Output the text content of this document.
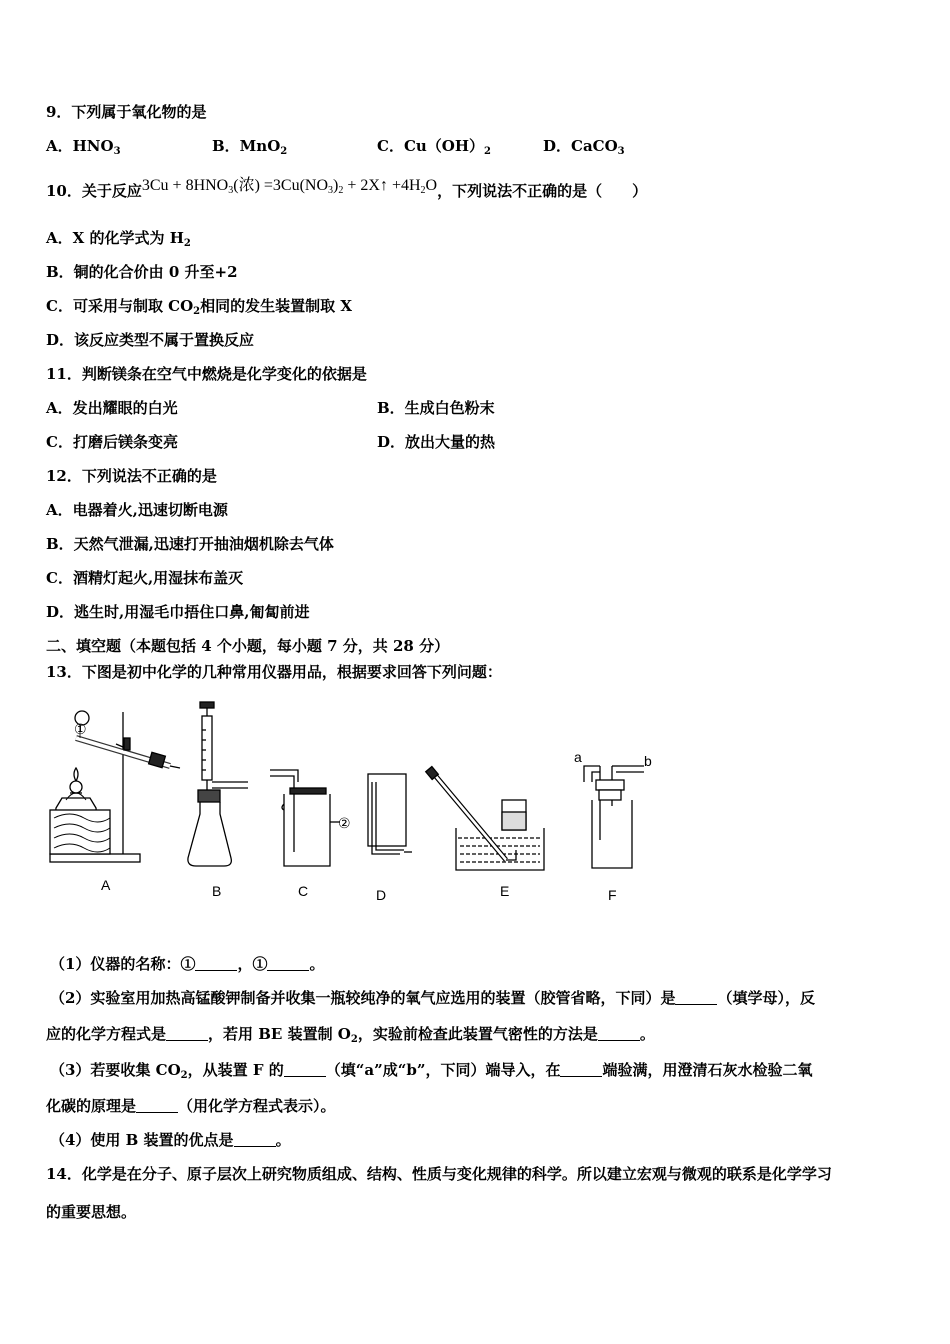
9．下列属于氧化物的是
A．$HNO_3$	B．MnO$_2$	C．$Cu(OH)_2$	D．CaCO$_3$
10．关于反应$3Cu + 8HNO_3$(浓) $=3Cu(NO_3)_2$ + 2X↑ $+4H_2O$，下列说法不正确的是（　　）
A．X 的化学式为 $H_2$
B．铜的化合价由 0 升至+2
C．可采用与制取 $CO_2$相同的发生装置制取 X
D．该反应类型不属于置换反应
11．判断镁条在空气中燃烧是化学变化的依据是
A．发出耀眼的白光	B．生成白色粉末
C．打磨后镁条变亮	D．放出大量的热
12．下列说法不正确的是
A．电器着火,迅速切断电源
B．天然气泄漏,迅速打开抽油烟机除去气体
C．酒精灯起火,用湿抹布盖灭
D．逃生时,用湿毛巾捂住口鼻,匍匐前进
二、填空题（本题包括 4 个小题，每小题 7 分，共 28 分）
13．下图是初中化学的几种常用仪器用品，根据要求回答下列问题：
A	B	C	D	E	F
①
②
a	b
（1）仪器的名称：①	，①	。
（2）实验室用加热高锰酸钾制备并收集一瓶较纯净的氧气应选用的装置（胶管省略，下同）是	（填学母），反
应的化学方程式是	，若用 BE 装置制 $O_2$，实验前检查此装置气密性的方法是	。
（3）若要收集 $CO_2$，从装置 F 的	（填“a”成“b”，下同）端导入，在	端验满，用澄清石灰水检验二氧
化碳的原理是	（用化学方程式表示）。
（4）使用 B 装置的优点是	。
14．化学是在分子、原子层次上研究物质组成、结构、性质与变化规律的科学。所以建立宏观与微观的联系是化学学习
的重要思想。
